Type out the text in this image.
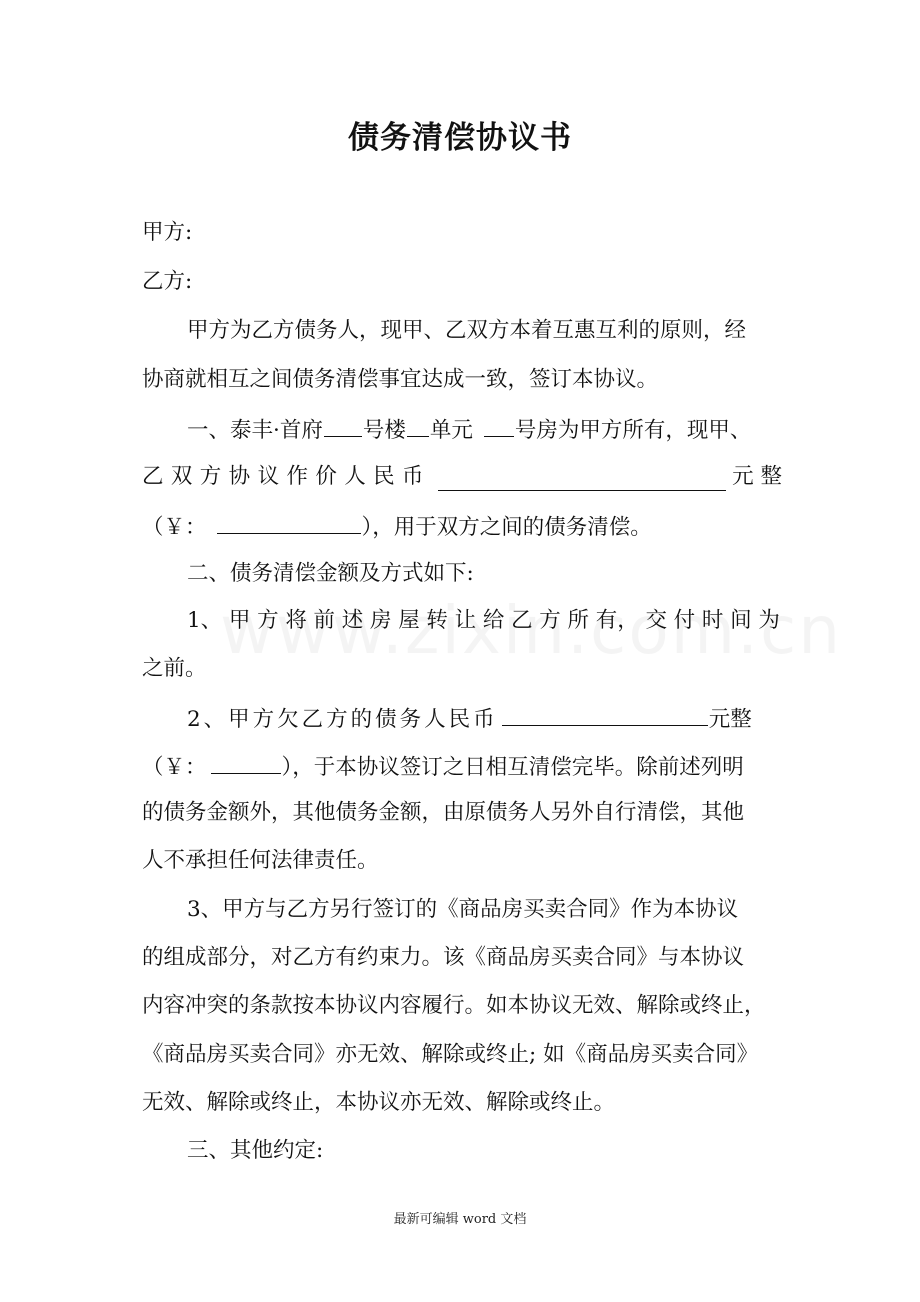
债务清偿协议书
甲方:
乙方:
甲方为乙方债务人，现甲、乙双方本着互惠互利的原则，经
协商就相互之间债务清偿事宜达成一致，签订本协议。
一、泰丰·首府 号楼 单元 号房为甲方所有，现甲、
乙 双 方 协 议 作 价 人 民 币	元 整
（￥：	），用于双方之间的债务清偿。
二、债务清偿金额及方式如下:
1、 甲 方 将 前 述 房 屋 转 让 给 乙 方 所 有， 交 付 时 间 为
之前。
2、甲方欠乙方的债务人民币	元整
（￥：	），于本协议签订之日相互清偿完毕。除前述列明
的债务金额外，其他债务金额，由原债务人另外自行清偿，其他
人不承担任何法律责任。
3、甲方与乙方另行签订的《商品房买卖合同》作为本协议
的组成部分，对乙方有约束力。该《商品房买卖合同》与本协议
内容冲突的条款按本协议内容履行。如本协议无效、解除或终止，
《商品房买卖合同》亦无效、解除或终止; 如《商品房买卖合同》
无效、解除或终止，本协议亦无效、解除或终止。
三、其他约定:
最新可编辑 word 文档
